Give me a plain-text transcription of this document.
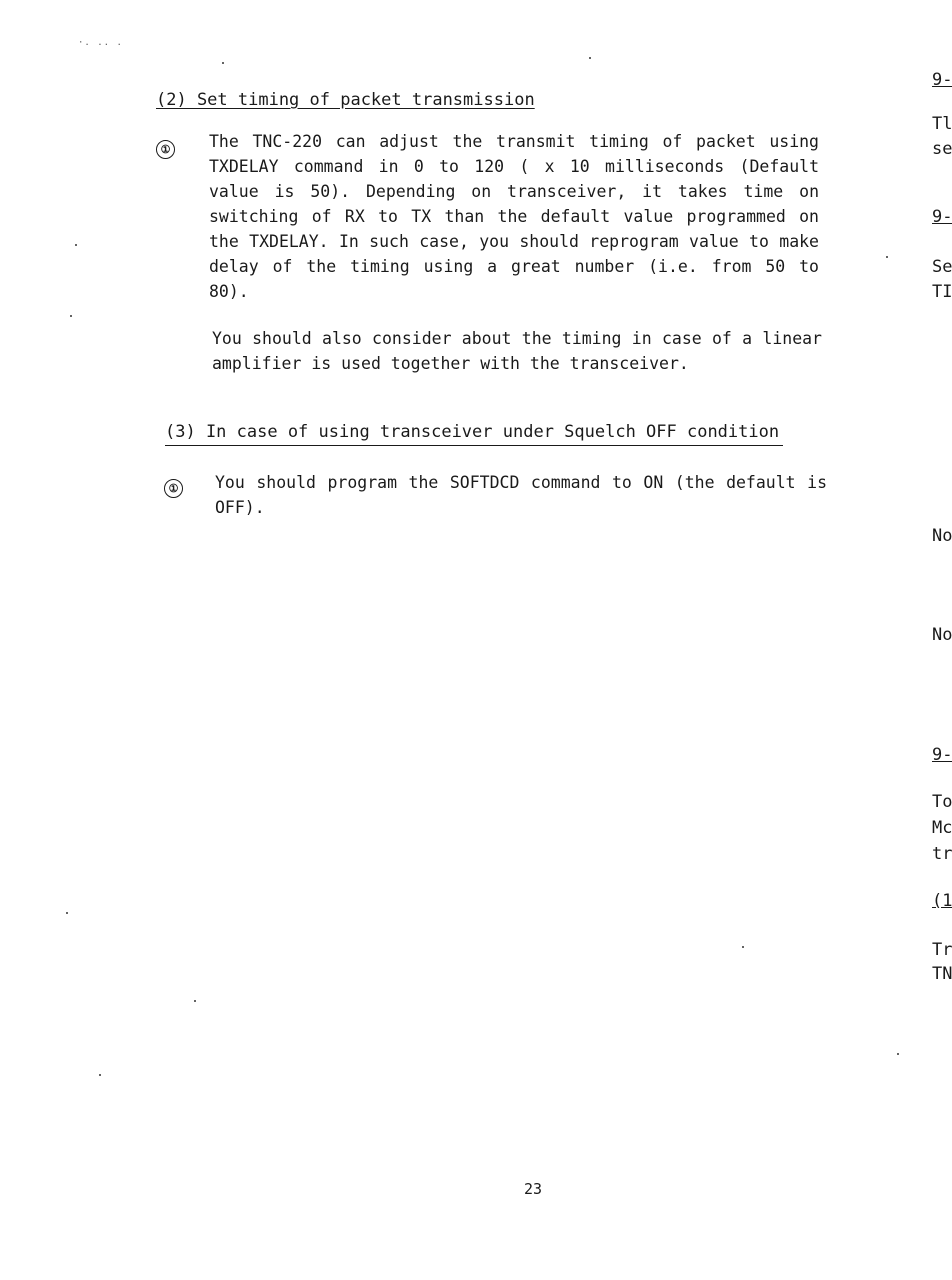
·. .. .
(2) Set timing of packet transmission
① The TNC-220 can adjust the transmit timing of packet using TXDELAY command in 0 to 120 ( x 10 milliseconds (Default value is 50). Depending on transceiver, it takes time on switching of RX to TX than the default value programmed on the TXDELAY. In such case, you should reprogram value to make delay of the timing using a great number (i.e. from 50 to 80).
You should also consider about the timing in case of a linear amplifier is used together with the transceiver.
(3) In case of using transceiver under Squelch OFF condition
① You should program the SOFTDCD command to ON (the default is OFF).
23
9-
Tl
se
9-
Se
TI
No
No
9-
To
Mc
tr
(1
Tr
TN
